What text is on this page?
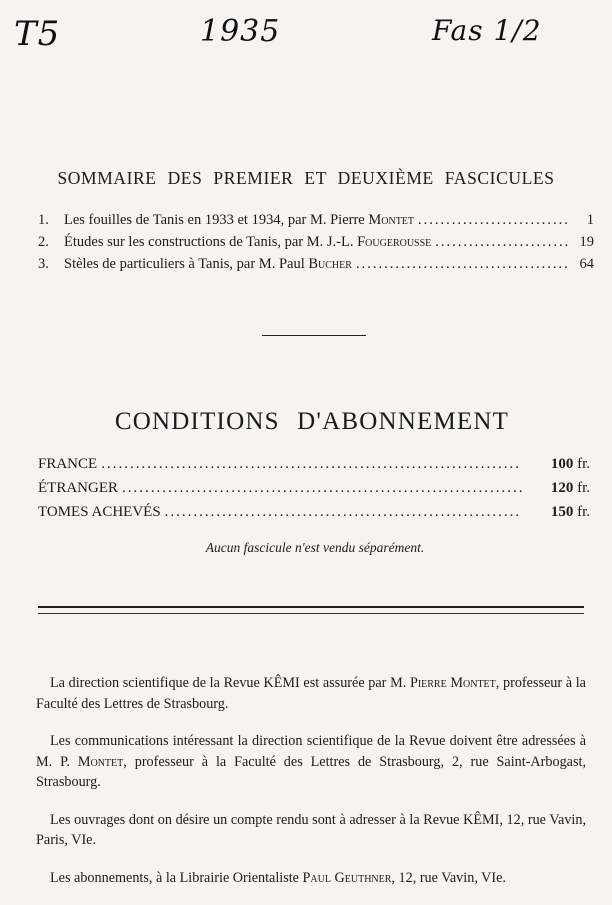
T5	1935	Fas 1/2
SOMMAIRE DES PREMIER ET DEUXIÈME FASCICULES
1.	Les fouilles de Tanis en 1933 et 1934, par M. Pierre Montet .....	1
2.	Études sur les constructions de Tanis, par M. J.-L. Fougerousse .....	19
3.	Stèles de particuliers à Tanis, par M. Paul Bucher .....	64
CONDITIONS D'ABONNEMENT
FRANCE .....	100 fr.
ÉTRANGER .....	120 fr.
TOMES ACHEVÉS .....	150 fr.
Aucun fascicule n'est vendu séparément.

La direction scientifique de la Revue KÊMI est assurée par M. Pierre Montet, professeur à la Faculté des Lettres de Strasbourg.

Les communications intéressant la direction scientifique de la Revue doivent être adressées à M. P. Montet, professeur à la Faculté des Lettres de Strasbourg, 2, rue Saint-Arbogast, Strasbourg.

Les ouvrages dont on désire un compte rendu sont à adresser à la Revue KÊMI, 12, rue Vavin, Paris, VIe.

Les abonnements, à la Librairie Orientaliste Paul Geuthner, 12, rue Vavin, VIe.
